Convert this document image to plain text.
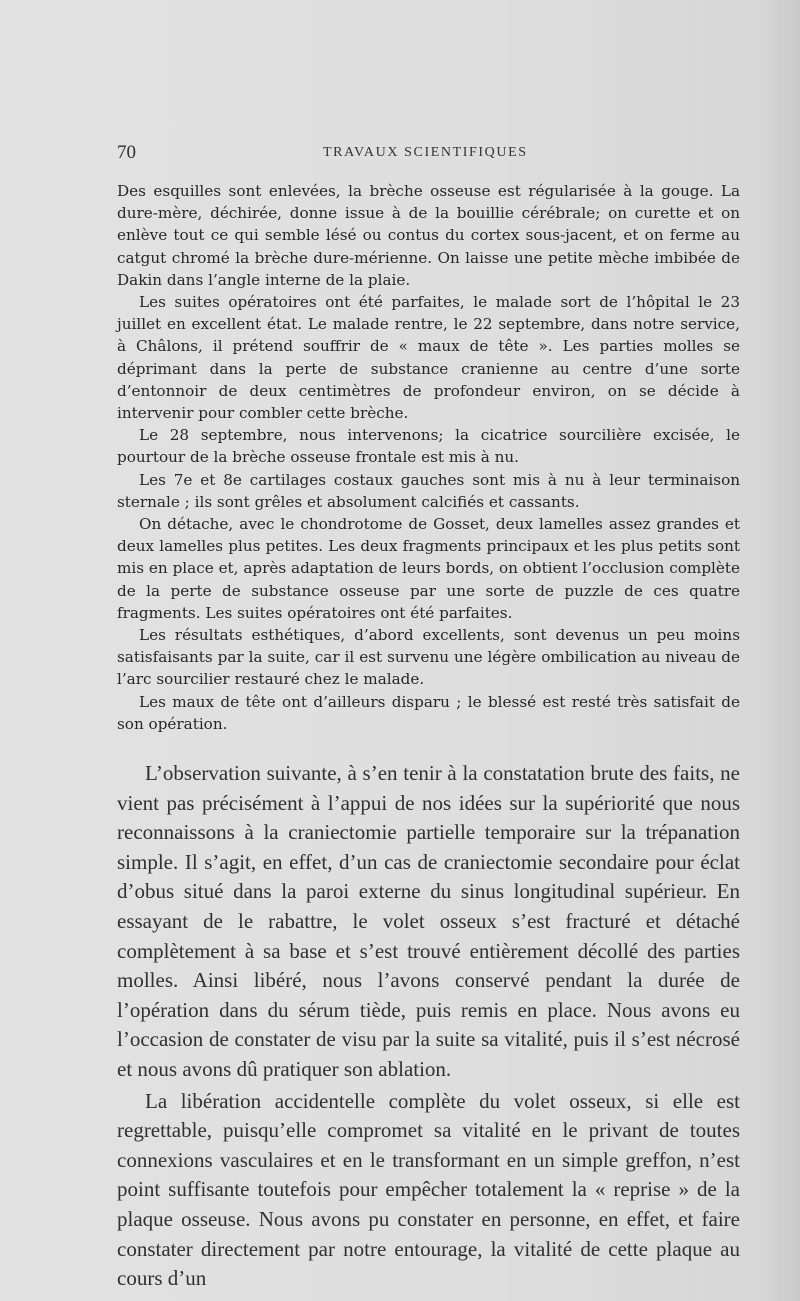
70	TRAVAUX SCIENTIFIQUES

Des esquilles sont enlevées, la brèche osseuse est régularisée à la gouge. La dure-mère, déchirée, donne issue à de la bouillie cérébrale; on curette et on enlève tout ce qui semble lésé ou contus du cortex sous-jacent, et on ferme au catgut chromé la brèche dure-mérienne. On laisse une petite mèche imbibée de Dakin dans l’angle interne de la plaie.

Les suites opératoires ont été parfaites, le malade sort de l’hôpital le 23 juillet en excellent état. Le malade rentre, le 22 septembre, dans notre service, à Châlons, il prétend souffrir de « maux de tête ». Les parties molles se déprimant dans la perte de substance cranienne au centre d’une sorte d’entonnoir de deux centimètres de profondeur environ, on se décide à intervenir pour combler cette brèche.

Le 28 septembre, nous intervenons; la cicatrice sourcilière excisée, le pourtour de la brèche osseuse frontale est mis à nu.

Les 7e et 8e cartilages costaux gauches sont mis à nu à leur terminaison sternale ; ils sont grêles et absolument calcifiés et cassants.

On détache, avec le chondrotome de Gosset, deux lamelles assez grandes et deux lamelles plus petites. Les deux fragments principaux et les plus petits sont mis en place et, après adaptation de leurs bords, on obtient l’occlusion complète de la perte de substance osseuse par une sorte de puzzle de ces quatre fragments. Les suites opératoires ont été parfaites.

Les résultats esthétiques, d’abord excellents, sont devenus un peu moins satisfaisants par la suite, car il est survenu une légère ombilication au niveau de l’arc sourcilier restauré chez le malade.

Les maux de tête ont d’ailleurs disparu ; le blessé est resté très satisfait de son opération.

L’observation suivante, à s’en tenir à la constatation brute des faits, ne vient pas précisément à l’appui de nos idées sur la supériorité que nous reconnaissons à la craniectomie partielle temporaire sur la trépanation simple. Il s’agit, en effet, d’un cas de craniectomie secondaire pour éclat d’obus situé dans la paroi externe du sinus longitudinal supérieur. En essayant de le rabattre, le volet osseux s’est fracturé et détaché complètement à sa base et s’est trouvé entièrement décollé des parties molles. Ainsi libéré, nous l’avons conservé pendant la durée de l’opération dans du sérum tiède, puis remis en place. Nous avons eu l’occasion de constater de visu par la suite sa vitalité, puis il s’est nécrosé et nous avons dû pratiquer son ablation.

La libération accidentelle complète du volet osseux, si elle est regrettable, puisqu’elle compromet sa vitalité en le privant de toutes connexions vasculaires et en le transformant en un simple greffon, n’est point suffisante toutefois pour empêcher totalement la « reprise » de la plaque osseuse. Nous avons pu constater en personne, en effet, et faire constater directement par notre entourage, la vitalité de cette plaque au cours d’un
